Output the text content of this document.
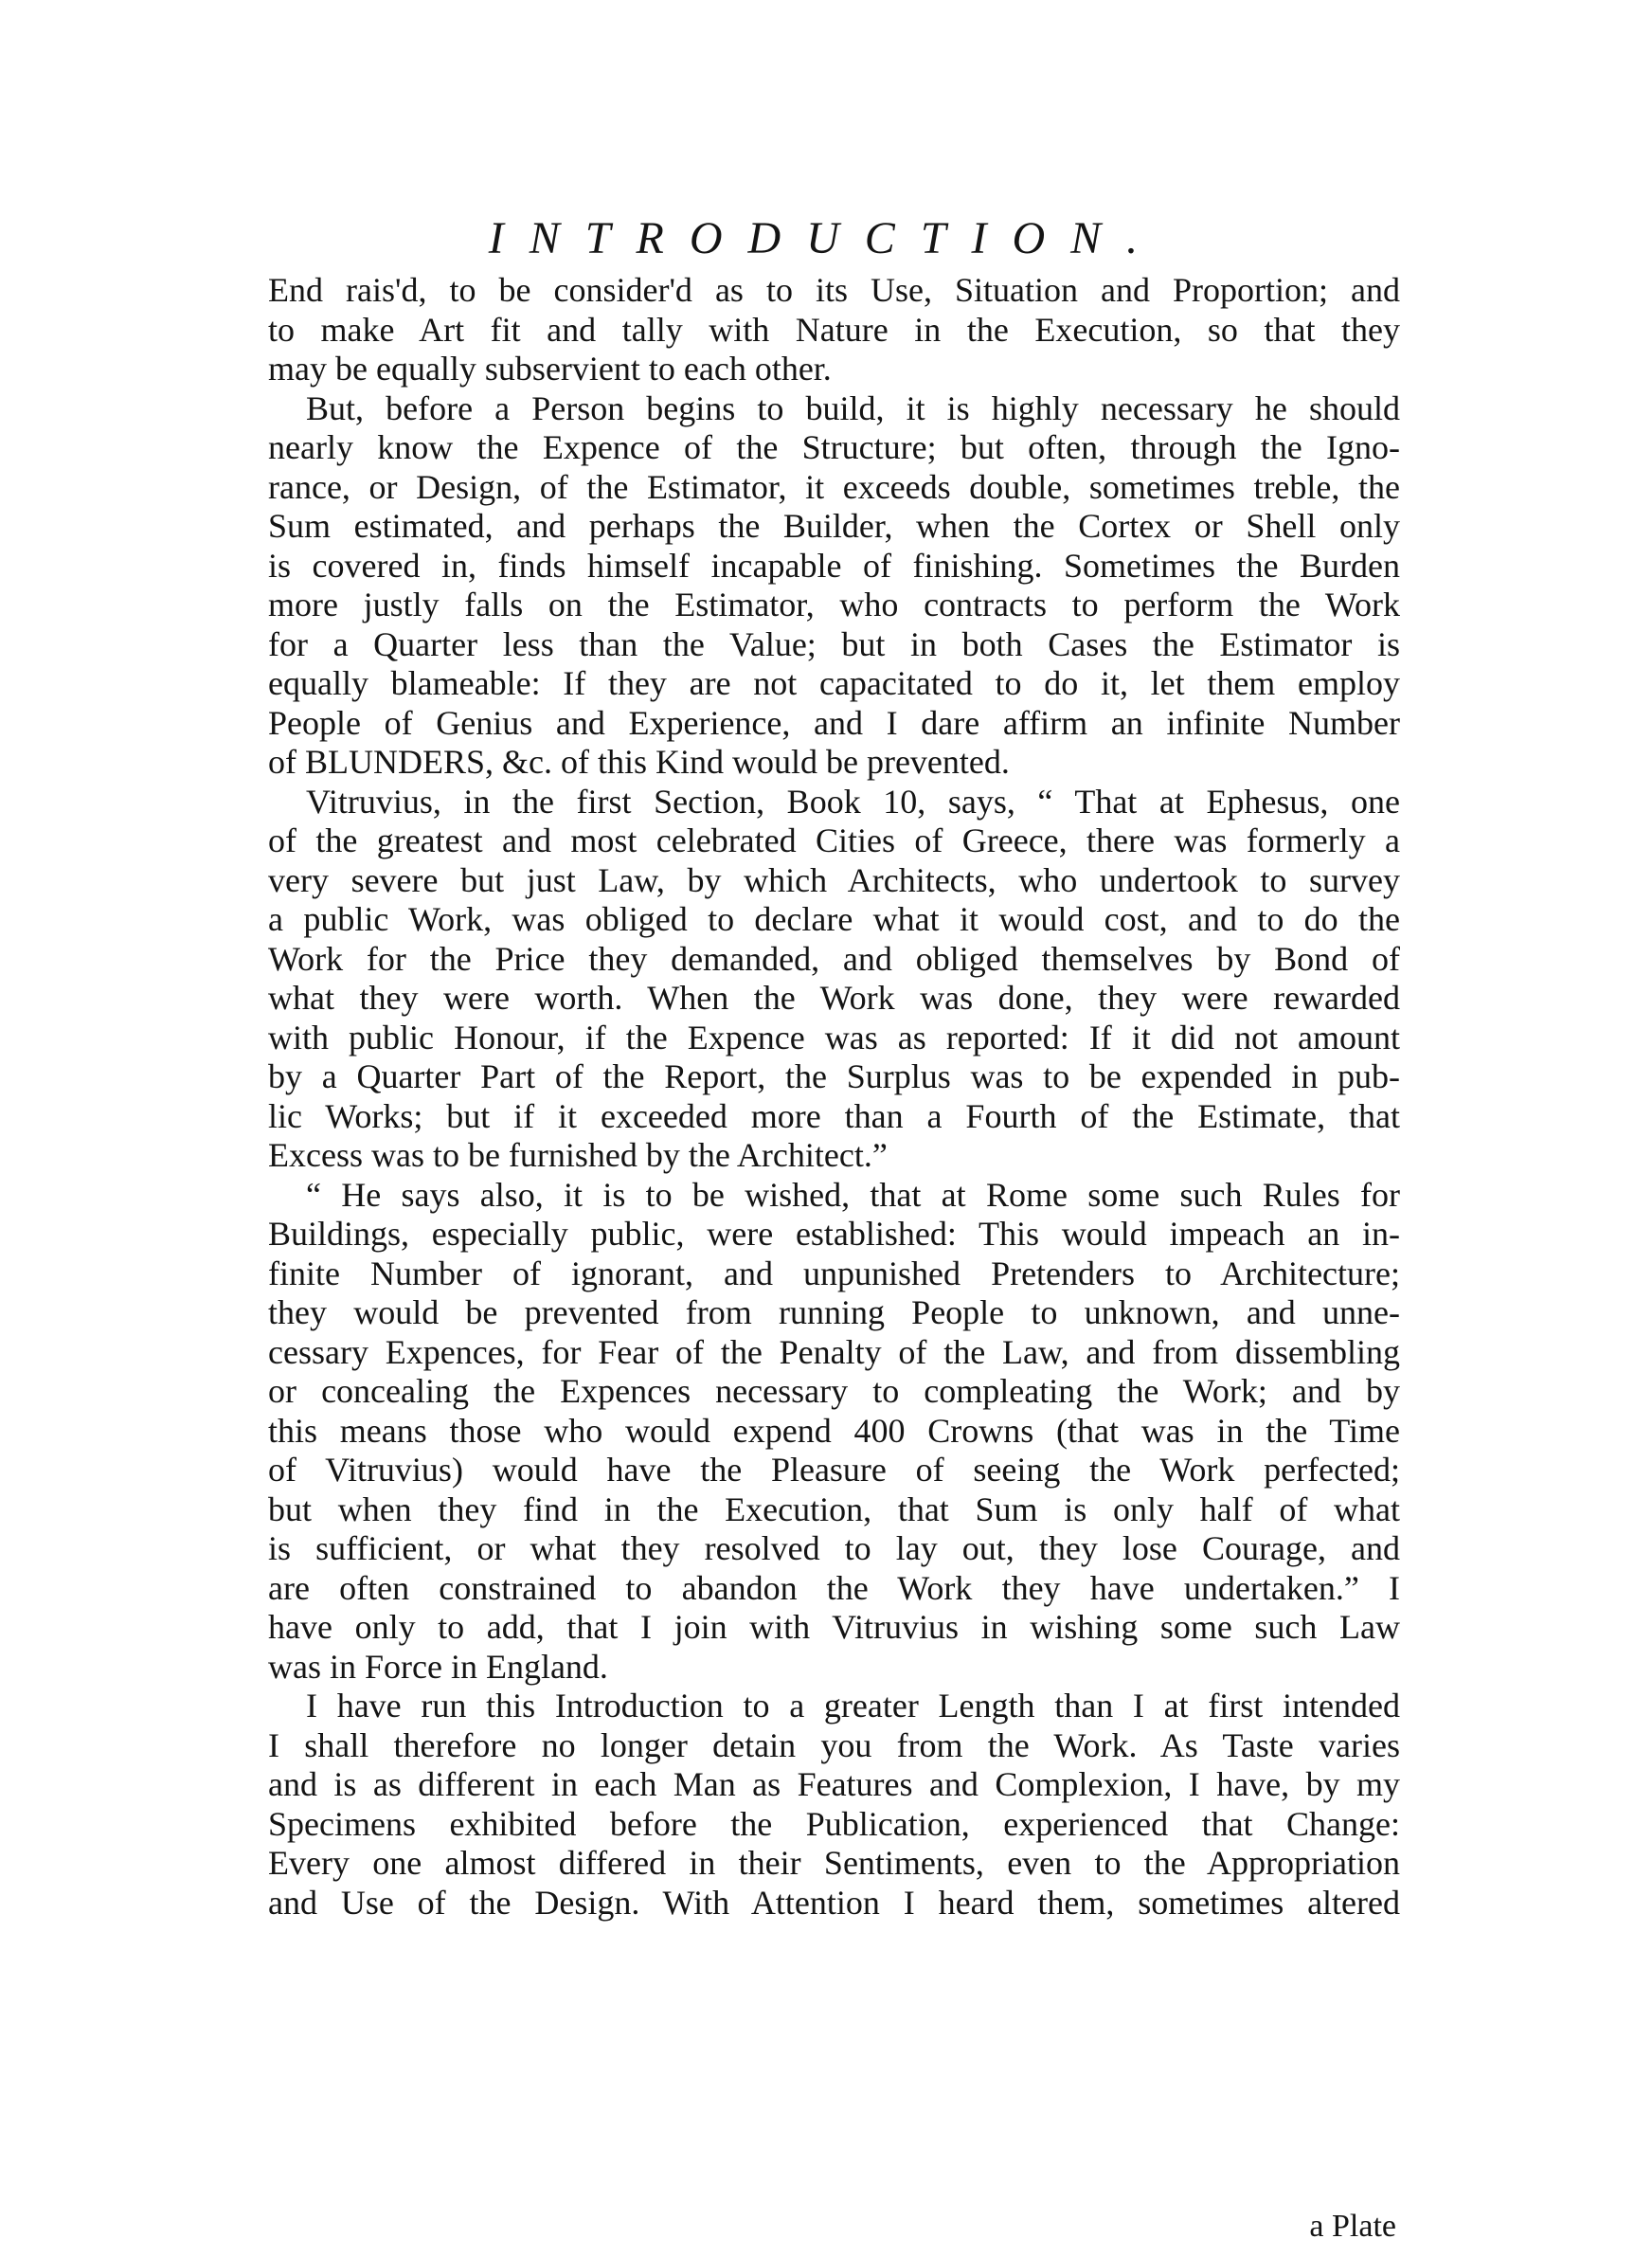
INTRODUCTION.
End rais'd, to be consider'd as to its Use, Situation and Proportion; and
to make Art fit and tally with Nature in the Execution, so that they
may be equally subservient to each other.
But, before a Person begins to build, it is highly necessary he should
nearly know the Expence of the Structure; but often, through the Igno-
rance, or Design, of the Estimator, it exceeds double, sometimes treble, the
Sum estimated, and perhaps the Builder, when the Cortex or Shell only
is covered in, finds himself incapable of finishing. Sometimes the Burden
more justly falls on the Estimator, who contracts to perform the Work
for a Quarter less than the Value; but in both Cases the Estimator is
equally blameable: If they are not capacitated to do it, let them employ
People of Genius and Experience, and I dare affirm an infinite Number
of BLUNDERS, &c. of this Kind would be prevented.
Vitruvius, in the first Section, Book 10, says, “ That at Ephesus, one
of the greatest and most celebrated Cities of Greece, there was formerly a
very severe but just Law, by which Architects, who undertook to survey
a public Work, was obliged to declare what it would cost, and to do the
Work for the Price they demanded, and obliged themselves by Bond of
what they were worth. When the Work was done, they were rewarded
with public Honour, if the Expence was as reported: If it did not amount
by a Quarter Part of the Report, the Surplus was to be expended in pub-
lic Works; but if it exceeded more than a Fourth of the Estimate, that
Excess was to be furnished by the Architect.”
“ He says also, it is to be wished, that at Rome some such Rules for
Buildings, especially public, were established: This would impeach an in-
finite Number of ignorant, and unpunished Pretenders to Architecture;
they would be prevented from running People to unknown, and unne-
cessary Expences, for Fear of the Penalty of the Law, and from dissembling
or concealing the Expences necessary to compleating the Work; and by
this means those who would expend 400 Crowns (that was in the Time
of Vitruvius) would have the Pleasure of seeing the Work perfected;
but when they find in the Execution, that Sum is only half of what
is sufficient, or what they resolved to lay out, they lose Courage, and
are often constrained to abandon the Work they have undertaken.” I
have only to add, that I join with Vitruvius in wishing some such Law
was in Force in England.
I have run this Introduction to a greater Length than I at first intended
I shall therefore no longer detain you from the Work. As Taste varies
and is as different in each Man as Features and Complexion, I have, by my
Specimens exhibited before the Publication, experienced that Change:
Every one almost differed in their Sentiments, even to the Appropriation
and Use of the Design. With Attention I heard them, sometimes altered
a Plate
